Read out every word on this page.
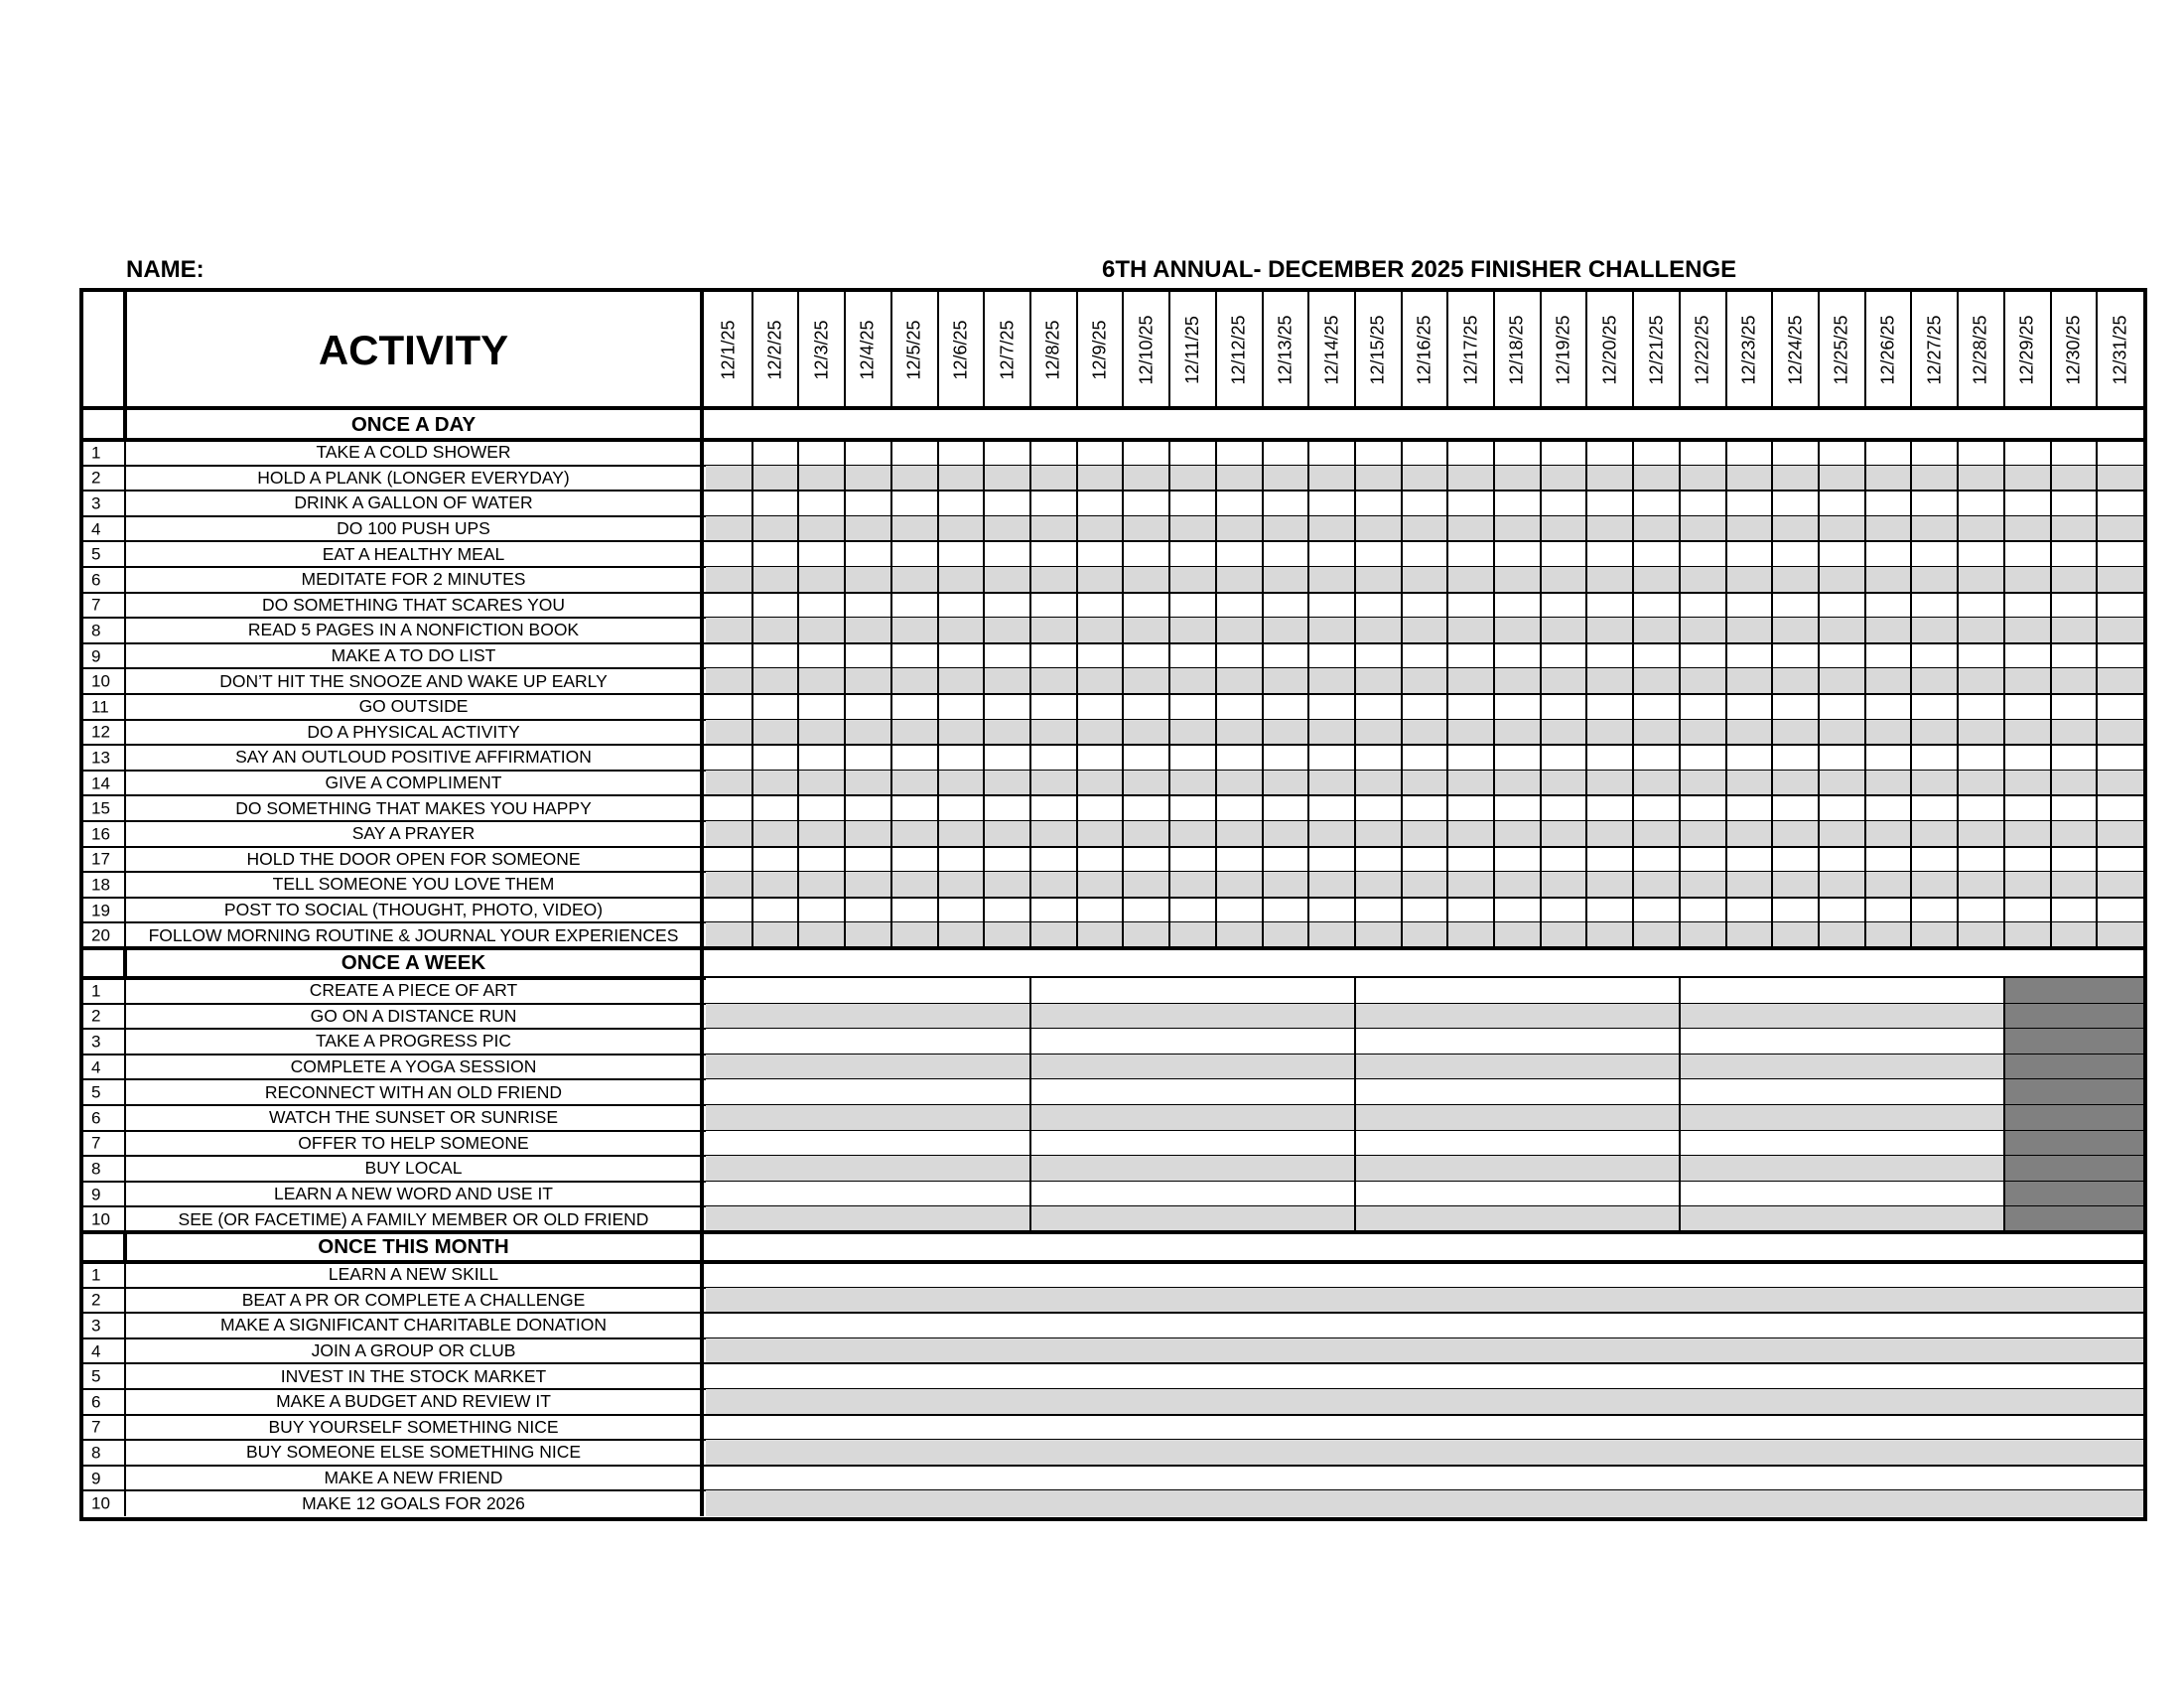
NAME:	6TH ANNUAL- DECEMBER 2025 FINISHER CHALLENGE
ACTIVITY	12/1/25 12/2/25 12/3/25 12/4/25 12/5/25 12/6/25 12/7/25 12/8/25 12/9/25 12/10/25 12/11/25 12/12/25 12/13/25 12/14/25 12/15/25 12/16/25 12/17/25 12/18/25 12/19/25 12/20/25 12/21/25 12/22/25 12/23/25 12/24/25 12/25/25 12/26/25 12/27/25 12/28/25 12/29/25 12/30/25 12/31/25
ONCE A DAY
1	TAKE A COLD SHOWER
2	HOLD A PLANK (LONGER EVERYDAY)
3	DRINK A GALLON OF WATER
4	DO 100 PUSH UPS
5	EAT A HEALTHY MEAL
6	MEDITATE FOR 2 MINUTES
7	DO SOMETHING THAT SCARES YOU
8	READ 5 PAGES IN A NONFICTION BOOK
9	MAKE A TO DO LIST
10	DON’T HIT THE SNOOZE AND WAKE UP EARLY
11	GO OUTSIDE
12	DO A PHYSICAL ACTIVITY
13	SAY AN OUTLOUD POSITIVE AFFIRMATION
14	GIVE A COMPLIMENT
15	DO SOMETHING THAT MAKES YOU HAPPY
16	SAY A PRAYER
17	HOLD THE DOOR OPEN FOR SOMEONE
18	TELL SOMEONE YOU LOVE THEM
19	POST TO SOCIAL (THOUGHT, PHOTO, VIDEO)
20	FOLLOW MORNING ROUTINE & JOURNAL YOUR EXPERIENCES
ONCE A WEEK
1	CREATE A PIECE OF ART
2	GO ON A DISTANCE RUN
3	TAKE A PROGRESS PIC
4	COMPLETE A YOGA SESSION
5	RECONNECT WITH AN OLD FRIEND
6	WATCH THE SUNSET OR SUNRISE
7	OFFER TO HELP SOMEONE
8	BUY LOCAL
9	LEARN A NEW WORD AND USE IT
10	SEE (OR FACETIME) A FAMILY MEMBER OR OLD FRIEND
ONCE THIS MONTH
1	LEARN A NEW SKILL
2	BEAT A PR OR COMPLETE A CHALLENGE
3	MAKE A SIGNIFICANT CHARITABLE DONATION
4	JOIN A GROUP OR CLUB
5	INVEST IN THE STOCK MARKET
6	MAKE A BUDGET AND REVIEW IT
7	BUY YOURSELF SOMETHING NICE
8	BUY SOMEONE ELSE SOMETHING NICE
9	MAKE A NEW FRIEND
10	MAKE 12 GOALS FOR 2026
